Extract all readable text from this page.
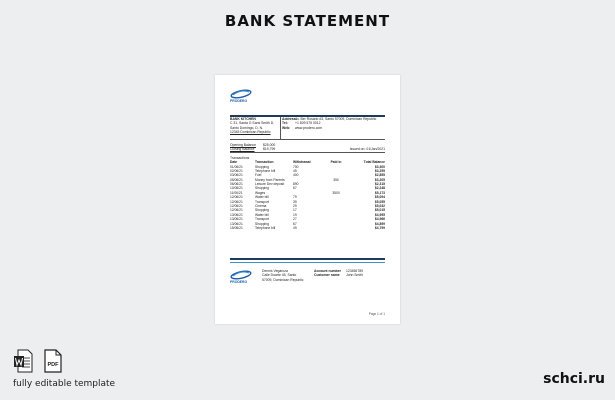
BANK STATEMENT
PRODERO
BANK KITCHEN
C 31, Santa G Sans Smith D,
Santo Domingo, D. N.
12345 Dominican Republic
Address:Av. Ber Rosario #3, Santo 57009, Dominican Republic
Tel: +1 809 575 0012
Web: www.prodero.com
Opening Balance $25,000
Closing Balance $19,799	Issued on: 01/Jan/2021
Transactions
Date	Transaction	Withdrawal	Paid in	Total Balance
01/06/21	Shopping	700		$3,300
02/06/21	Telephone bill	45		$3,255
03/06/21	Fuel	400		$2,855
05/06/21	Money from Parents		350	$3,205
06/06/21	Leisure Dev deposit	890		$2,315
10/06/21	Shopping	67		$2,248
11/06/21	Wages		3500	$5,173
12/06/21	Water bill	79		$5,094
12/06/21	Transport	39		$5,055
12/06/21	Cinema	29		$5,032
12/06/21	Shopping	17		$5,015
13/06/21	Water bill	19		$4,995
13/06/21	Transport	27		$4,966
13/06/21	Shopping	67		$4,899
15/06/21	Telephone bill	49		$4,799
PRODERO
Dennis Vegaroza
Calle Duarte 45, Santo
57009, Dominican Republic
Account number 123456789
Customer name John Smith
Page 1 of 1
PDF
fully editable template	schci.ru
